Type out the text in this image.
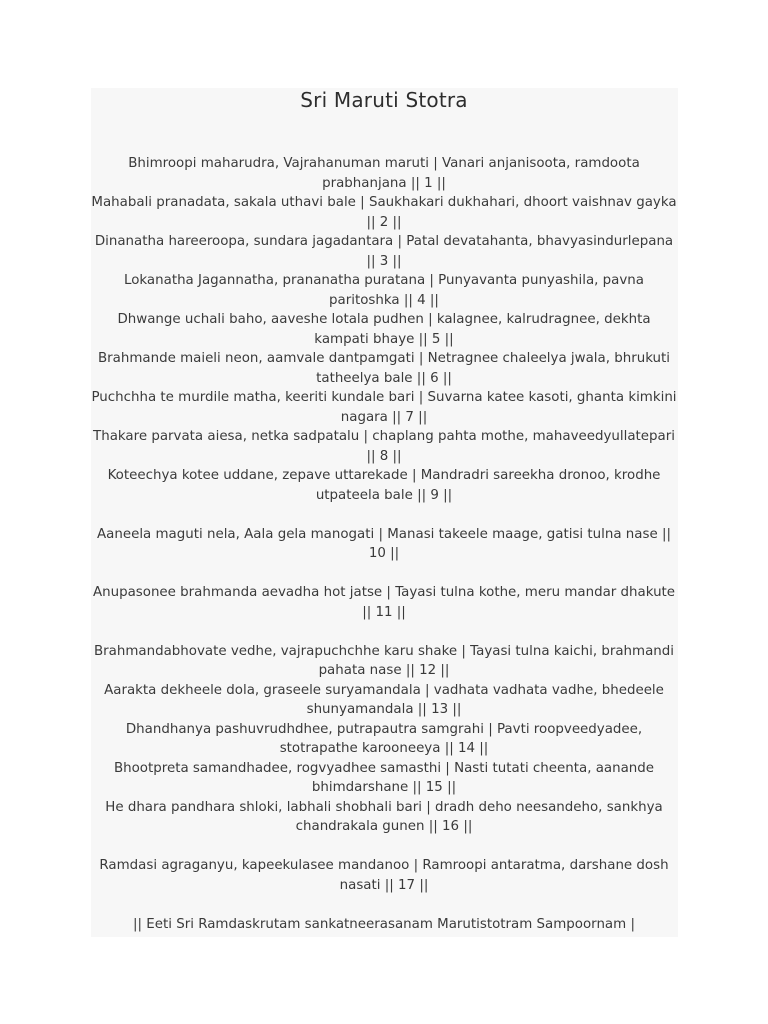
Sri Maruti Stotra
Bhimroopi maharudra, Vajrahanuman maruti | Vanari anjanisoota, ramdoota prabhanjana || 1 ||
Mahabali pranadata, sakala uthavi bale | Saukhakari dukhahari, dhoort vaishnav gayka || 2 ||
Dinanatha hareeroopa, sundara jagadantara | Patal devatahanta, bhavyasindurlepana || 3 ||
Lokanatha Jagannatha, prananatha puratana | Punyavanta punyashila, pavna paritoshka || 4 ||
Dhwange uchali baho, aaveshe lotala pudhen | kalagnee, kalrudragnee, dekhta kampati bhaye || 5 ||
Brahmande maieli neon, aamvale dantpamgati | Netragnee chaleelya jwala, bhrukuti tatheelya bale || 6 ||
Puchchha te murdile matha, keeriti kundale bari | Suvarna katee kasoti, ghanta kimkini nagara || 7 ||
Thakare parvata aiesa, netka sadpatalu | chaplang pahta mothe, mahaveedyullatepari || 8 ||
Koteechya kotee uddane, zepave uttarekade | Mandradri sareekha dronoo, krodhe utpateela bale || 9 ||
Aaneela maguti nela, Aala gela manogati | Manasi takeele maage, gatisi tulna nase || 10 ||
Anupasonee brahmanda aevadha hot jatse | Tayasi tulna kothe, meru mandar dhakute || 11 ||
Brahmandabhovate vedhe, vajrapuchchhe karu shake | Tayasi tulna kaichi, brahmandi pahata nase || 12 ||
Aarakta dekheele dola, graseele suryamandala | vadhata vadhata vadhe, bhedeele shunyamandala || 13 ||
Dhandhanya pashuvrudhdhee, putrapautra samgrahi | Pavti roopveedyadee, stotrapathe karooneeya || 14 ||
Bhootpreta samandhadee, rogvyadhee samasthi | Nasti tutati cheenta, aanande bhimdarshane || 15 ||
He dhara pandhara shloki, labhali shobhali bari | dradh deho neesandeho, sankhya chandrakala gunen || 16 ||
Ramdasi agraganyu, kapeekulasee mandanoo | Ramroopi antaratma, darshane dosh nasati || 17 ||
|| Eeti Sri Ramdaskrutam sankatneerasanam Marutistotram Sampoornam |
